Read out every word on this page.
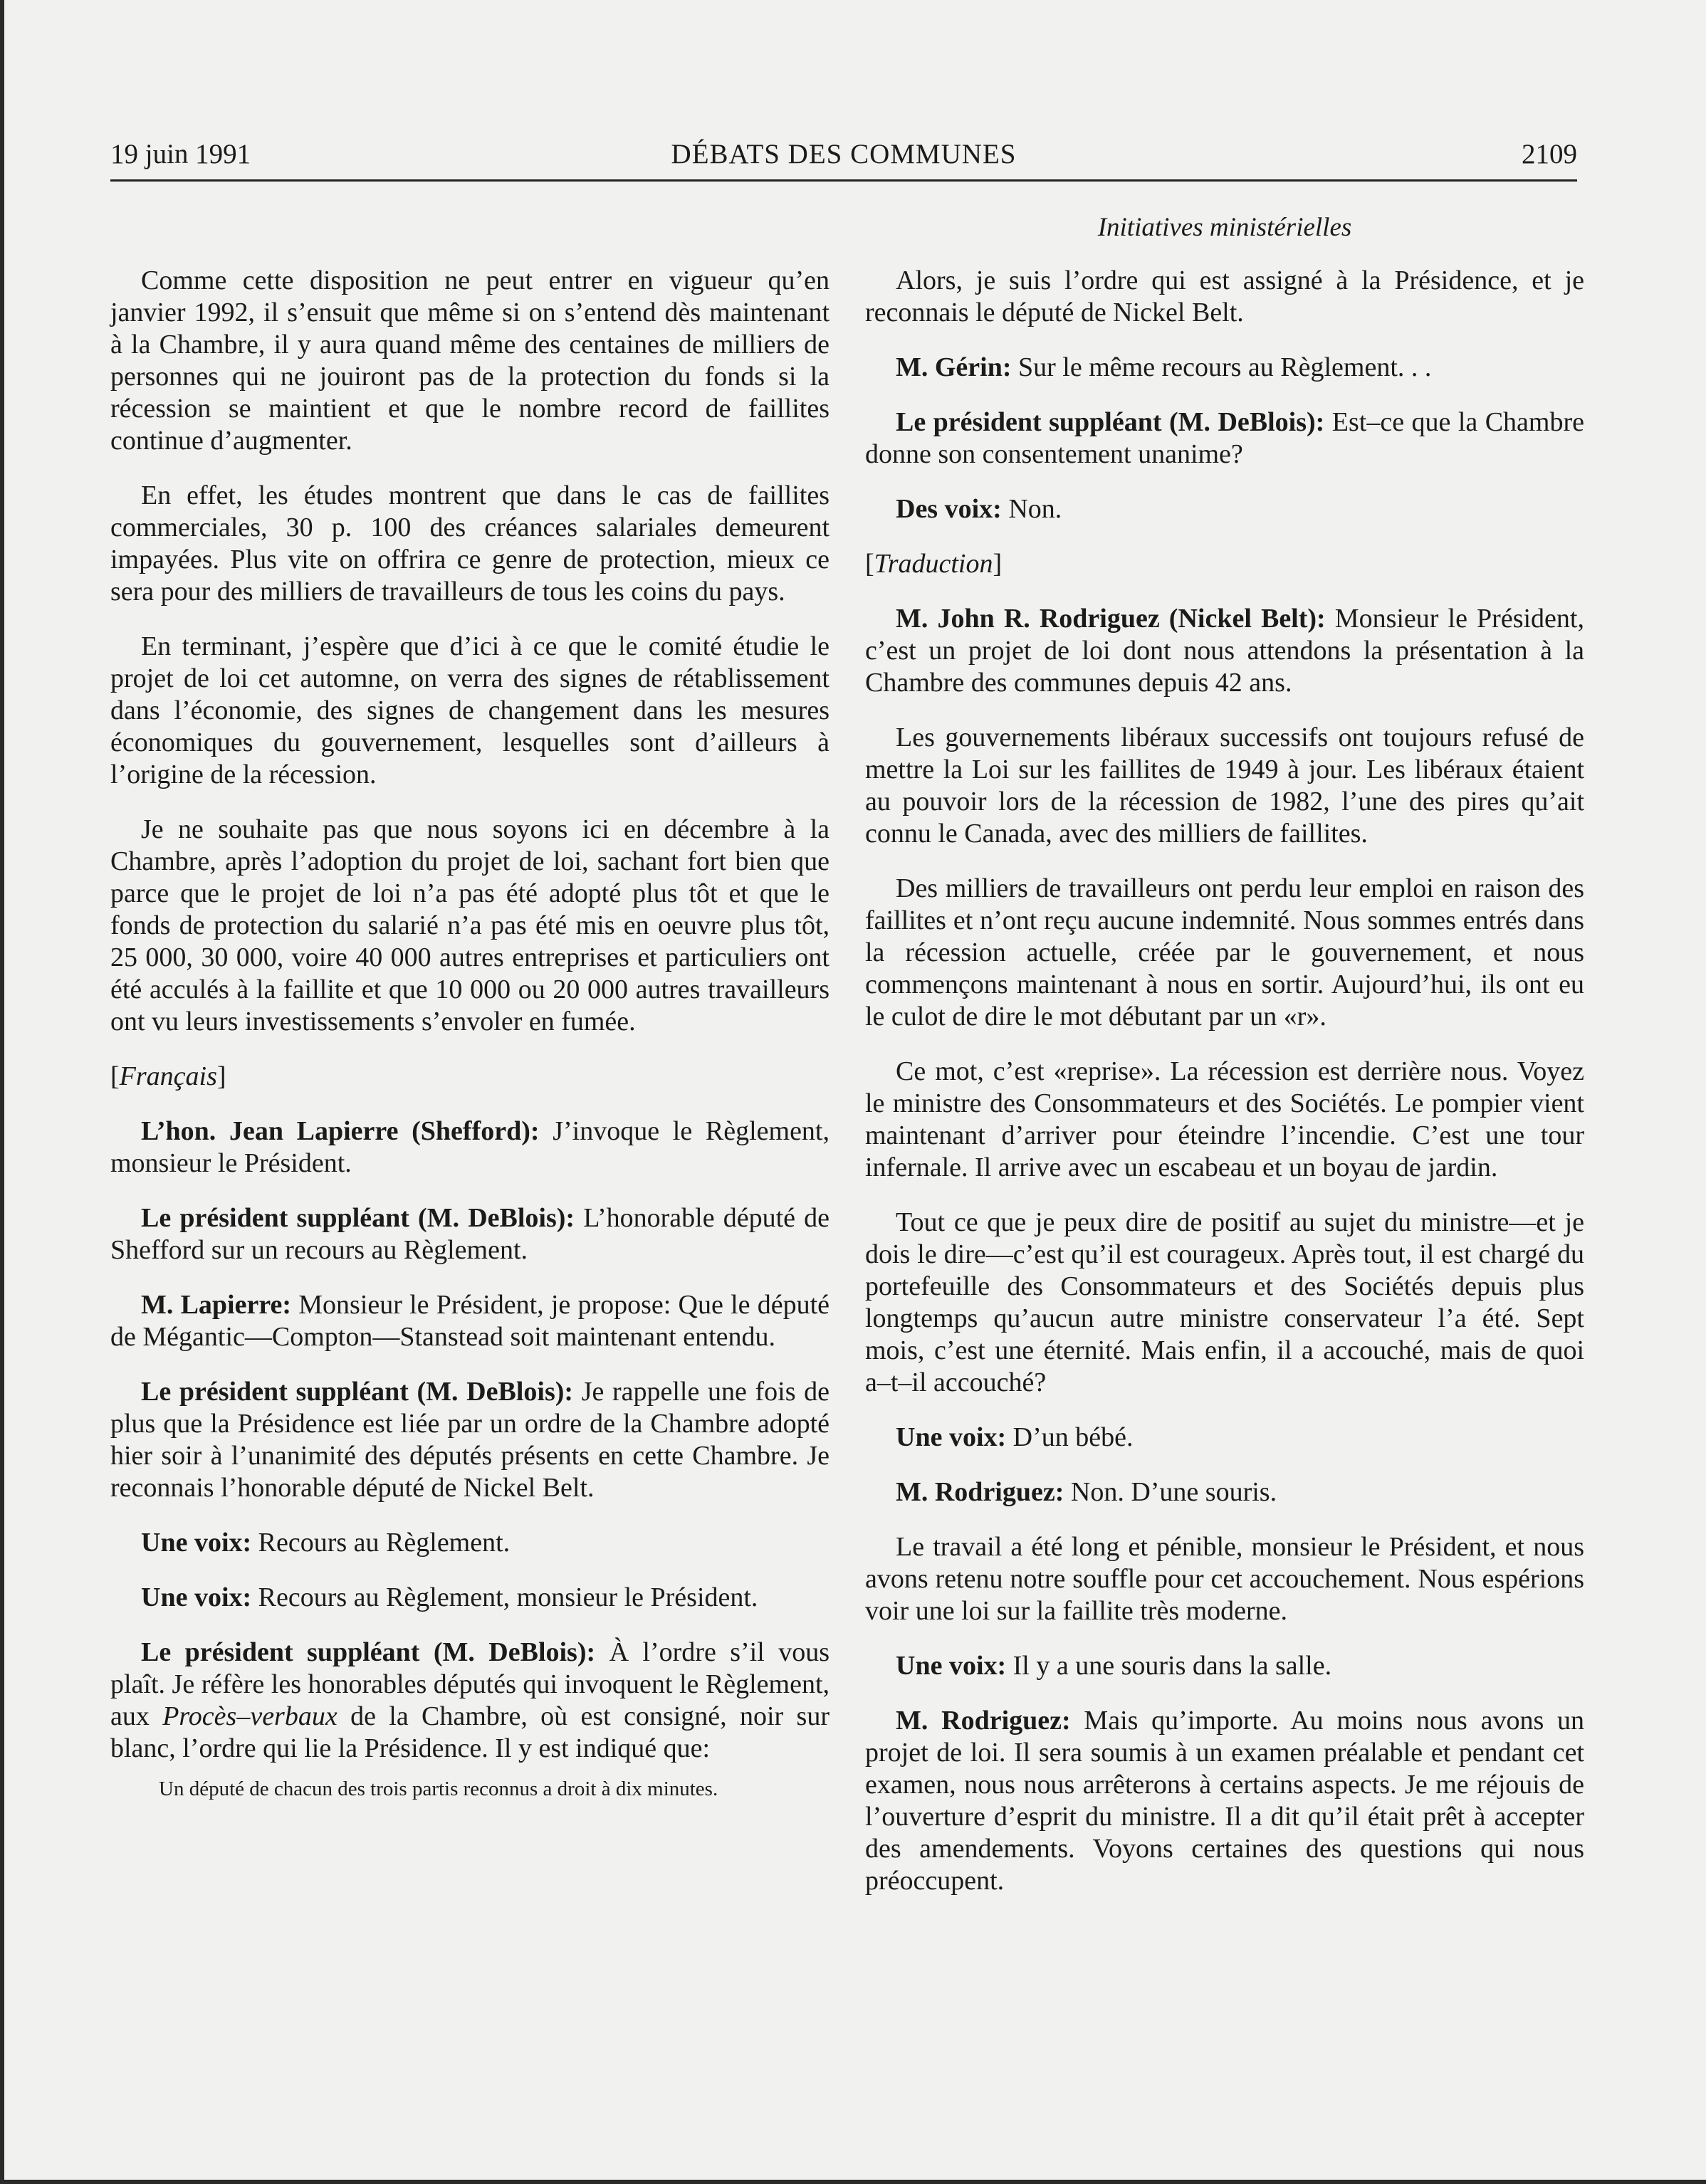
19 juin 1991	DÉBATS DES COMMUNES	2109
Initiatives ministérielles

Comme cette disposition ne peut entrer en vigueur qu’en janvier 1992, il s’ensuit que même si on s’entend dès maintenant à la Chambre, il y aura quand même des centaines de milliers de personnes qui ne jouiront pas de la protection du fonds si la récession se maintient et que le nombre record de faillites continue d’augmenter.

En effet, les études montrent que dans le cas de faillites commerciales, 30 p. 100 des créances salariales demeurent impayées. Plus vite on offrira ce genre de protection, mieux ce sera pour des milliers de travailleurs de tous les coins du pays.

En terminant, j’espère que d’ici à ce que le comité étudie le projet de loi cet automne, on verra des signes de rétablissement dans l’économie, des signes de changement dans les mesures économiques du gouvernement, lesquelles sont d’ailleurs à l’origine de la récession.

Je ne souhaite pas que nous soyons ici en décembre à la Chambre, après l’adoption du projet de loi, sachant fort bien que parce que le projet de loi n’a pas été adopté plus tôt et que le fonds de protection du salarié n’a pas été mis en oeuvre plus tôt, 25 000, 30 000, voire 40 000 autres entreprises et particuliers ont été acculés à la faillite et que 10 000 ou 20 000 autres travailleurs ont vu leurs investissements s’envoler en fumée.

[Français]

L’hon. Jean Lapierre (Shefford): J’invoque le Règlement, monsieur le Président.

Le président suppléant (M. DeBlois): L’honorable député de Shefford sur un recours au Règlement.

M. Lapierre: Monsieur le Président, je propose: Que le député de Mégantic—Compton—Stanstead soit maintenant entendu.

Le président suppléant (M. DeBlois): Je rappelle une fois de plus que la Présidence est liée par un ordre de la Chambre adopté hier soir à l’unanimité des députés présents en cette Chambre. Je reconnais l’honorable député de Nickel Belt.

Une voix: Recours au Règlement.

Une voix: Recours au Règlement, monsieur le Président.

Le président suppléant (M. DeBlois): À l’ordre s’il vous plaît. Je réfère les honorables députés qui invoquent le Règlement, aux Procès–verbaux de la Chambre, où est consigné, noir sur blanc, l’ordre qui lie la Présidence. Il y est indiqué que:

Un député de chacun des trois partis reconnus a droit à dix minutes.

Alors, je suis l’ordre qui est assigné à la Présidence, et je reconnais le député de Nickel Belt.

M. Gérin: Sur le même recours au Règlement. . .

Le président suppléant (M. DeBlois): Est–ce que la Chambre donne son consentement unanime?

Des voix: Non.

[Traduction]

M. John R. Rodriguez (Nickel Belt): Monsieur le Président, c’est un projet de loi dont nous attendons la présentation à la Chambre des communes depuis 42 ans.

Les gouvernements libéraux successifs ont toujours refusé de mettre la Loi sur les faillites de 1949 à jour. Les libéraux étaient au pouvoir lors de la récession de 1982, l’une des pires qu’ait connu le Canada, avec des milliers de faillites.

Des milliers de travailleurs ont perdu leur emploi en raison des faillites et n’ont reçu aucune indemnité. Nous sommes entrés dans la récession actuelle, créée par le gouvernement, et nous commençons maintenant à nous en sortir. Aujourd’hui, ils ont eu le culot de dire le mot débutant par un «r».

Ce mot, c’est «reprise». La récession est derrière nous. Voyez le ministre des Consommateurs et des Sociétés. Le pompier vient maintenant d’arriver pour éteindre l’incendie. C’est une tour infernale. Il arrive avec un escabeau et un boyau de jardin.

Tout ce que je peux dire de positif au sujet du ministre—et je dois le dire—c’est qu’il est courageux. Après tout, il est chargé du portefeuille des Consommateurs et des Sociétés depuis plus longtemps qu’aucun autre ministre conservateur l’a été. Sept mois, c’est une éternité. Mais enfin, il a accouché, mais de quoi a–t–il accouché?

Une voix: D’un bébé.

M. Rodriguez: Non. D’une souris.

Le travail a été long et pénible, monsieur le Président, et nous avons retenu notre souffle pour cet accouchement. Nous espérions voir une loi sur la faillite très moderne.

Une voix: Il y a une souris dans la salle.

M. Rodriguez: Mais qu’importe. Au moins nous avons un projet de loi. Il sera soumis à un examen préalable et pendant cet examen, nous nous arrêterons à certains aspects. Je me réjouis de l’ouverture d’esprit du ministre. Il a dit qu’il était prêt à accepter des amendements. Voyons certaines des questions qui nous préoccupent.
